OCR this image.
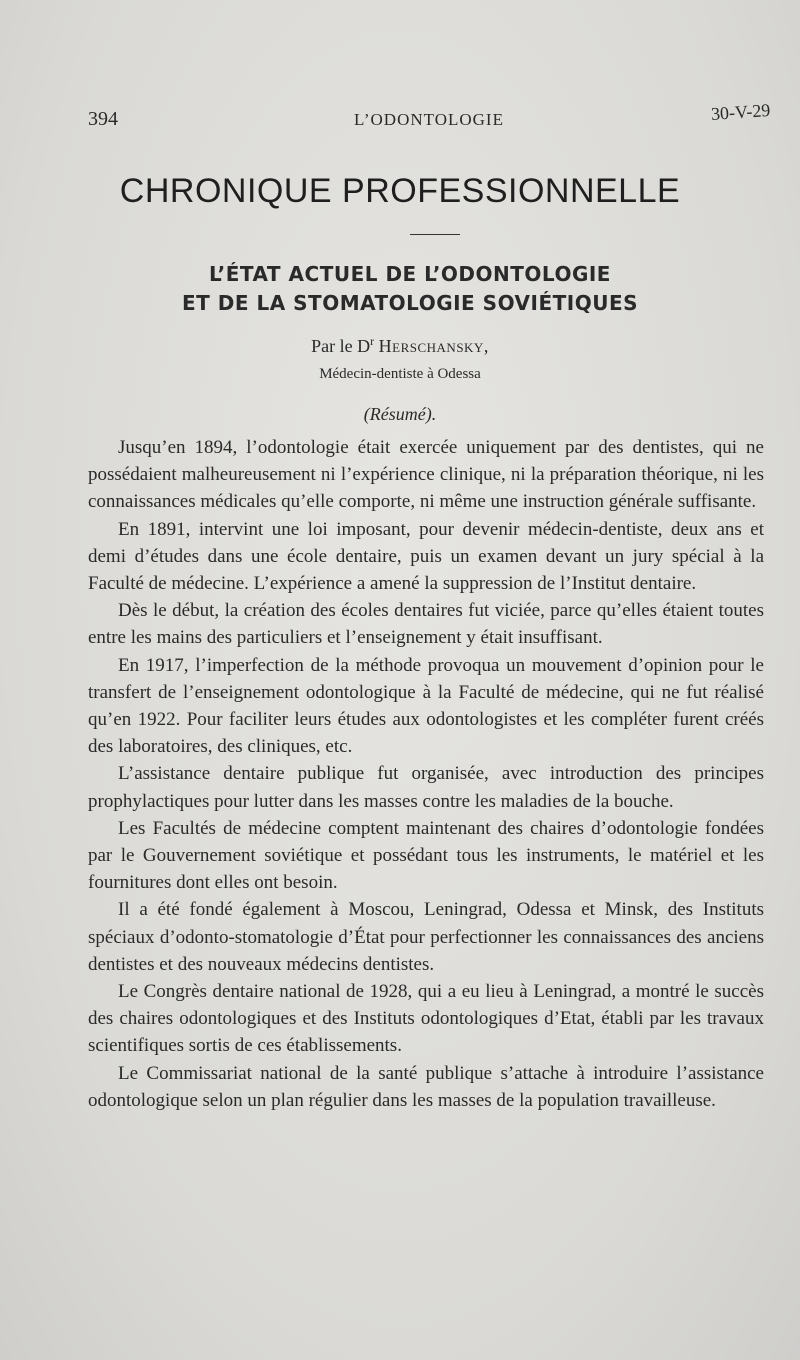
394	L’ODONTOLOGIE	30-V-29
CHRONIQUE PROFESSIONNELLE
L’ÉTAT ACTUEL DE L’ODONTOLOGIE
ET DE LA STOMATOLOGIE SOVIÉTIQUES
Par le $D^r$ Herschansky,
Médecin-dentiste à Odessa
(Résumé).

Jusqu’en 1894, l’odontologie était exercée uniquement par des dentistes, qui ne possédaient malheureusement ni l’expérience clinique, ni la préparation théorique, ni les connaissances médicales qu’elle comporte, ni même une instruction générale suffisante.

En 1891, intervint une loi imposant, pour devenir médecin-dentiste, deux ans et demi d’études dans une école dentaire, puis un examen devant un jury spécial à la Faculté de médecine. L’expérience a amené la suppression de l’Institut dentaire.

Dès le début, la création des écoles dentaires fut viciée, parce qu’elles étaient toutes entre les mains des particuliers et l’enseignement y était insuffisant.

En 1917, l’imperfection de la méthode provoqua un mouvement d’opinion pour le transfert de l’enseignement odontologique à la Faculté de médecine, qui ne fut réalisé qu’en 1922. Pour faciliter leurs études aux odontologistes et les compléter furent créés des laboratoires, des cliniques, etc.

L’assistance dentaire publique fut organisée, avec introduction des principes prophylactiques pour lutter dans les masses contre les maladies de la bouche.

Les Facultés de médecine comptent maintenant des chaires d’odontologie fondées par le Gouvernement soviétique et possédant tous les instruments, le matériel et les fournitures dont elles ont besoin.

Il a été fondé également à Moscou, Leningrad, Odessa et Minsk, des Instituts spéciaux d’odonto-stomatologie d’État pour perfectionner les connaissances des anciens dentistes et des nouveaux médecins dentistes.

Le Congrès dentaire national de 1928, qui a eu lieu à Leningrad, a montré le succès des chaires odontologiques et des Instituts odontologiques d’Etat, établi par les travaux scientifiques sortis de ces établissements.

Le Commissariat national de la santé publique s’attache à introduire l’assistance odontologique selon un plan régulier dans les masses de la population travailleuse.
